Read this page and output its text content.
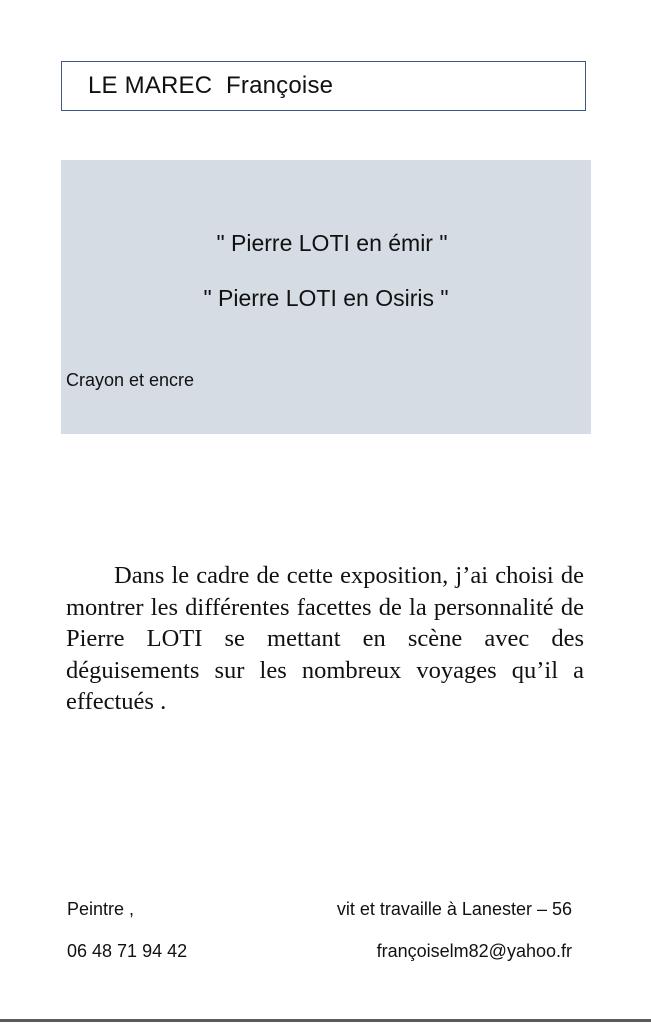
LE MAREC  Françoise
" Pierre LOTI en émir "
" Pierre LOTI en Osiris "
Crayon et encre
Dans le cadre de cette exposition, j’ai choisi de montrer les différentes facettes de la personnalité de Pierre LOTI se mettant en scène avec des déguisements sur les nombreux voyages qu’il a effectués .
Peintre ,	vit et travaille à Lanester – 56
06 48 71 94 42	françoiselm82@yahoo.fr
